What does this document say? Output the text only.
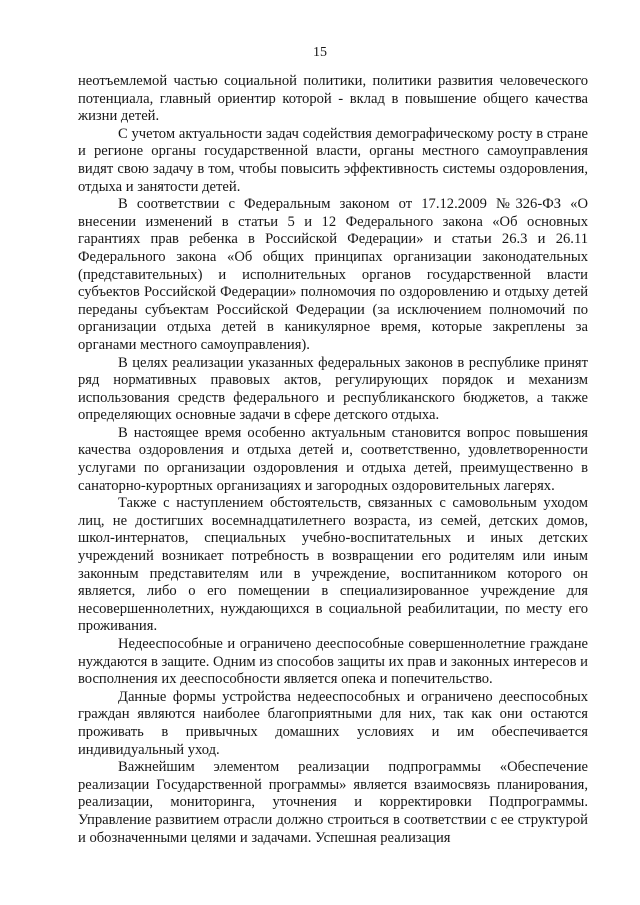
15

неотъемлемой частью социальной политики, политики развития человеческого потенциала, главный ориентир которой - вклад в повышение общего качества жизни детей.

С учетом актуальности задач содействия демографическому росту в стране и регионе органы государственной власти, органы местного самоуправления видят свою задачу в том, чтобы повысить эффективность системы оздоровления, отдыха и занятости детей.

В соответствии с Федеральным законом от 17.12.2009 №326-ФЗ «О внесении изменений в статьи 5 и 12 Федерального закона «Об основных гарантиях прав ребенка в Российской Федерации» и статьи 26.3 и 26.11 Федерального закона «Об общих принципах организации законодательных (представительных) и исполнительных органов государственной власти субъектов Российской Федерации» полномочия по оздоровлению и отдыху детей переданы субъектам Российской Федерации (за исключением полномочий по организации отдыха детей в каникулярное время, которые закреплены за органами местного самоуправления).

В целях реализации указанных федеральных законов в республике принят ряд нормативных правовых актов, регулирующих порядок и механизм использования средств федерального и республиканского бюджетов, а также определяющих основные задачи в сфере детского отдыха.

В настоящее время особенно актуальным становится вопрос повышения качества оздоровления и отдыха детей и, соответственно, удовлетворенности услугами по организации оздоровления и отдыха детей, преимущественно в санаторно-курортных организациях и загородных оздоровительных лагерях.

Также с наступлением обстоятельств, связанных с самовольным уходом лиц, не достигших восемнадцатилетнего возраста, из семей, детских домов, школ-интернатов, специальных учебно-воспитательных и иных детских учреждений возникает потребность в возвращении его родителям или иным законным представителям или в учреждение, воспитанником которого он является, либо о его помещении в специализированное учреждение для несовершеннолетних, нуждающихся в социальной реабилитации, по месту его проживания.

Недееспособные и ограничено дееспособные совершеннолетние граждане нуждаются в защите. Одним из способов защиты их прав и законных интересов и восполнения их дееспособности является опека и попечительство.

Данные формы устройства недееспособных и ограничено дееспособных граждан являются наиболее благоприятными для них, так как они остаются проживать в привычных домашних условиях и им обеспечивается индивидуальный уход.

Важнейшим элементом реализации подпрограммы «Обеспечение реализации Государственной программы» является взаимосвязь планирования, реализации, мониторинга, уточнения и корректировки Подпрограммы. Управление развитием отрасли должно строиться в соответствии с ее структурой и обозначенными целями и задачами. Успешная реализация
